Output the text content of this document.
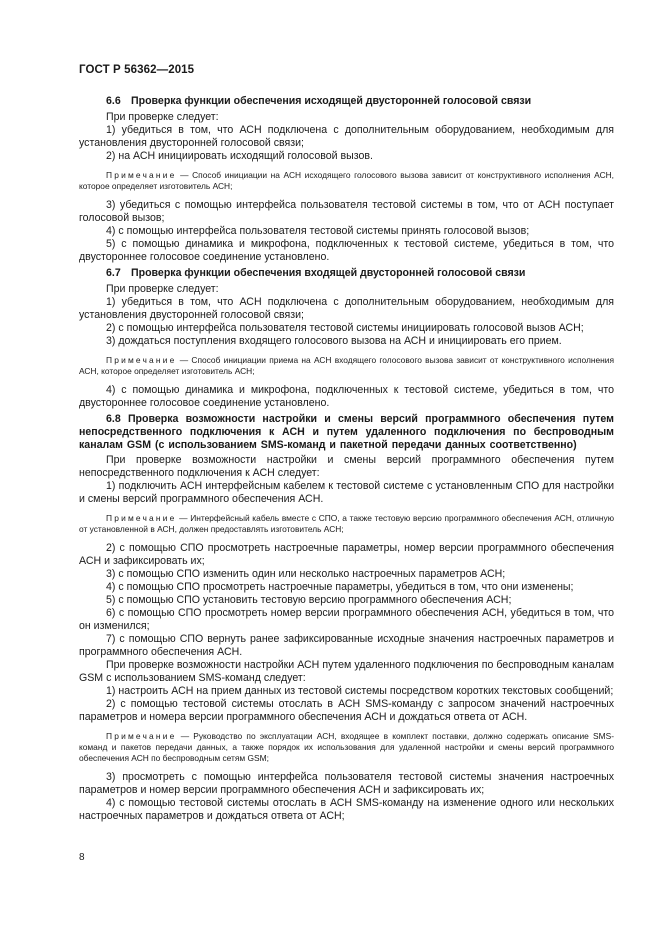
ГОСТ Р 56362—2015

6.6 Проверка функции обеспечения исходящей двусторонней голосовой связи

При проверке следует:

1) убедиться в том, что АСН подключена с дополнительным оборудованием, необходимым для установления двусторонней голосовой связи;

2) на АСН инициировать исходящий голосовой вызов.

Примечание — Способ инициации на АСН исходящего голосового вызова зависит от конструктивного исполнения АСН, которое определяет изготовитель АСН;

3) убедиться с помощью интерфейса пользователя тестовой системы в том, что от АСН поступает голосовой вызов;

4) с помощью интерфейса пользователя тестовой системы принять голосовой вызов;

5) с помощью динамика и микрофона, подключенных к тестовой системе, убедиться в том, что двустороннее голосовое соединение установлено.

6.7 Проверка функции обеспечения входящей двусторонней голосовой связи

При проверке следует:

1) убедиться в том, что АСН подключена с дополнительным оборудованием, необходимым для установления двусторонней голосовой связи;

2) с помощью интерфейса пользователя тестовой системы инициировать голосовой вызов АСН;

3) дождаться поступления входящего голосового вызова на АСН и инициировать его прием.

Примечание — Способ инициации приема на АСН входящего голосового вызова зависит от конструктивного исполнения АСН, которое определяет изготовитель АСН;

4) с помощью динамика и микрофона, подключенных к тестовой системе, убедиться в том, что двустороннее голосовое соединение установлено.

6.8 Проверка возможности настройки и смены версий программного обеспечения путем непосредственного подключения к АСН и путем удаленного подключения по беспроводным каналам GSM (с использованием SMS-команд и пакетной передачи данных соответственно)

При проверке возможности настройки и смены версий программного обеспечения путем непосредственного подключения к АСН следует:

1) подключить АСН интерфейсным кабелем к тестовой системе с установленным СПО для настройки и смены версий программного обеспечения АСН.

Примечание — Интерфейсный кабель вместе с СПО, а также тестовую версию программного обеспечения АСН, отличную от установленной в АСН, должен предоставлять изготовитель АСН;

2) с помощью СПО просмотреть настроечные параметры, номер версии программного обеспечения АСН и зафиксировать их;

3) с помощью СПО изменить один или несколько настроечных параметров АСН;

4) с помощью СПО просмотреть настроечные параметры, убедиться в том, что они изменены;

5) с помощью СПО установить тестовую версию программного обеспечения АСН;

6) с помощью СПО просмотреть номер версии программного обеспечения АСН, убедиться в том, что он изменился;

7) с помощью СПО вернуть ранее зафиксированные исходные значения настроечных параметров и программного обеспечения АСН.

При проверке возможности настройки АСН путем удаленного подключения по беспроводным каналам GSM с использованием SMS-команд следует:

1) настроить АСН на прием данных из тестовой системы посредством коротких текстовых сообщений;

2) с помощью тестовой системы отослать в АСН SMS-команду с запросом значений настроечных параметров и номера версии программного обеспечения АСН и дождаться ответа от АСН.

Примечание — Руководство по эксплуатации АСН, входящее в комплект поставки, должно содержать описание SMS-команд и пакетов передачи данных, а также порядок их использования для удаленной настройки и смены версий программного обеспечения АСН по беспроводным сетям GSM;

3) просмотреть с помощью интерфейса пользователя тестовой системы значения настроечных параметров и номер версии программного обеспечения АСН и зафиксировать их;

4) с помощью тестовой системы отослать в АСН SMS-команду на изменение одного или нескольких настроечных параметров и дождаться ответа от АСН;

8
